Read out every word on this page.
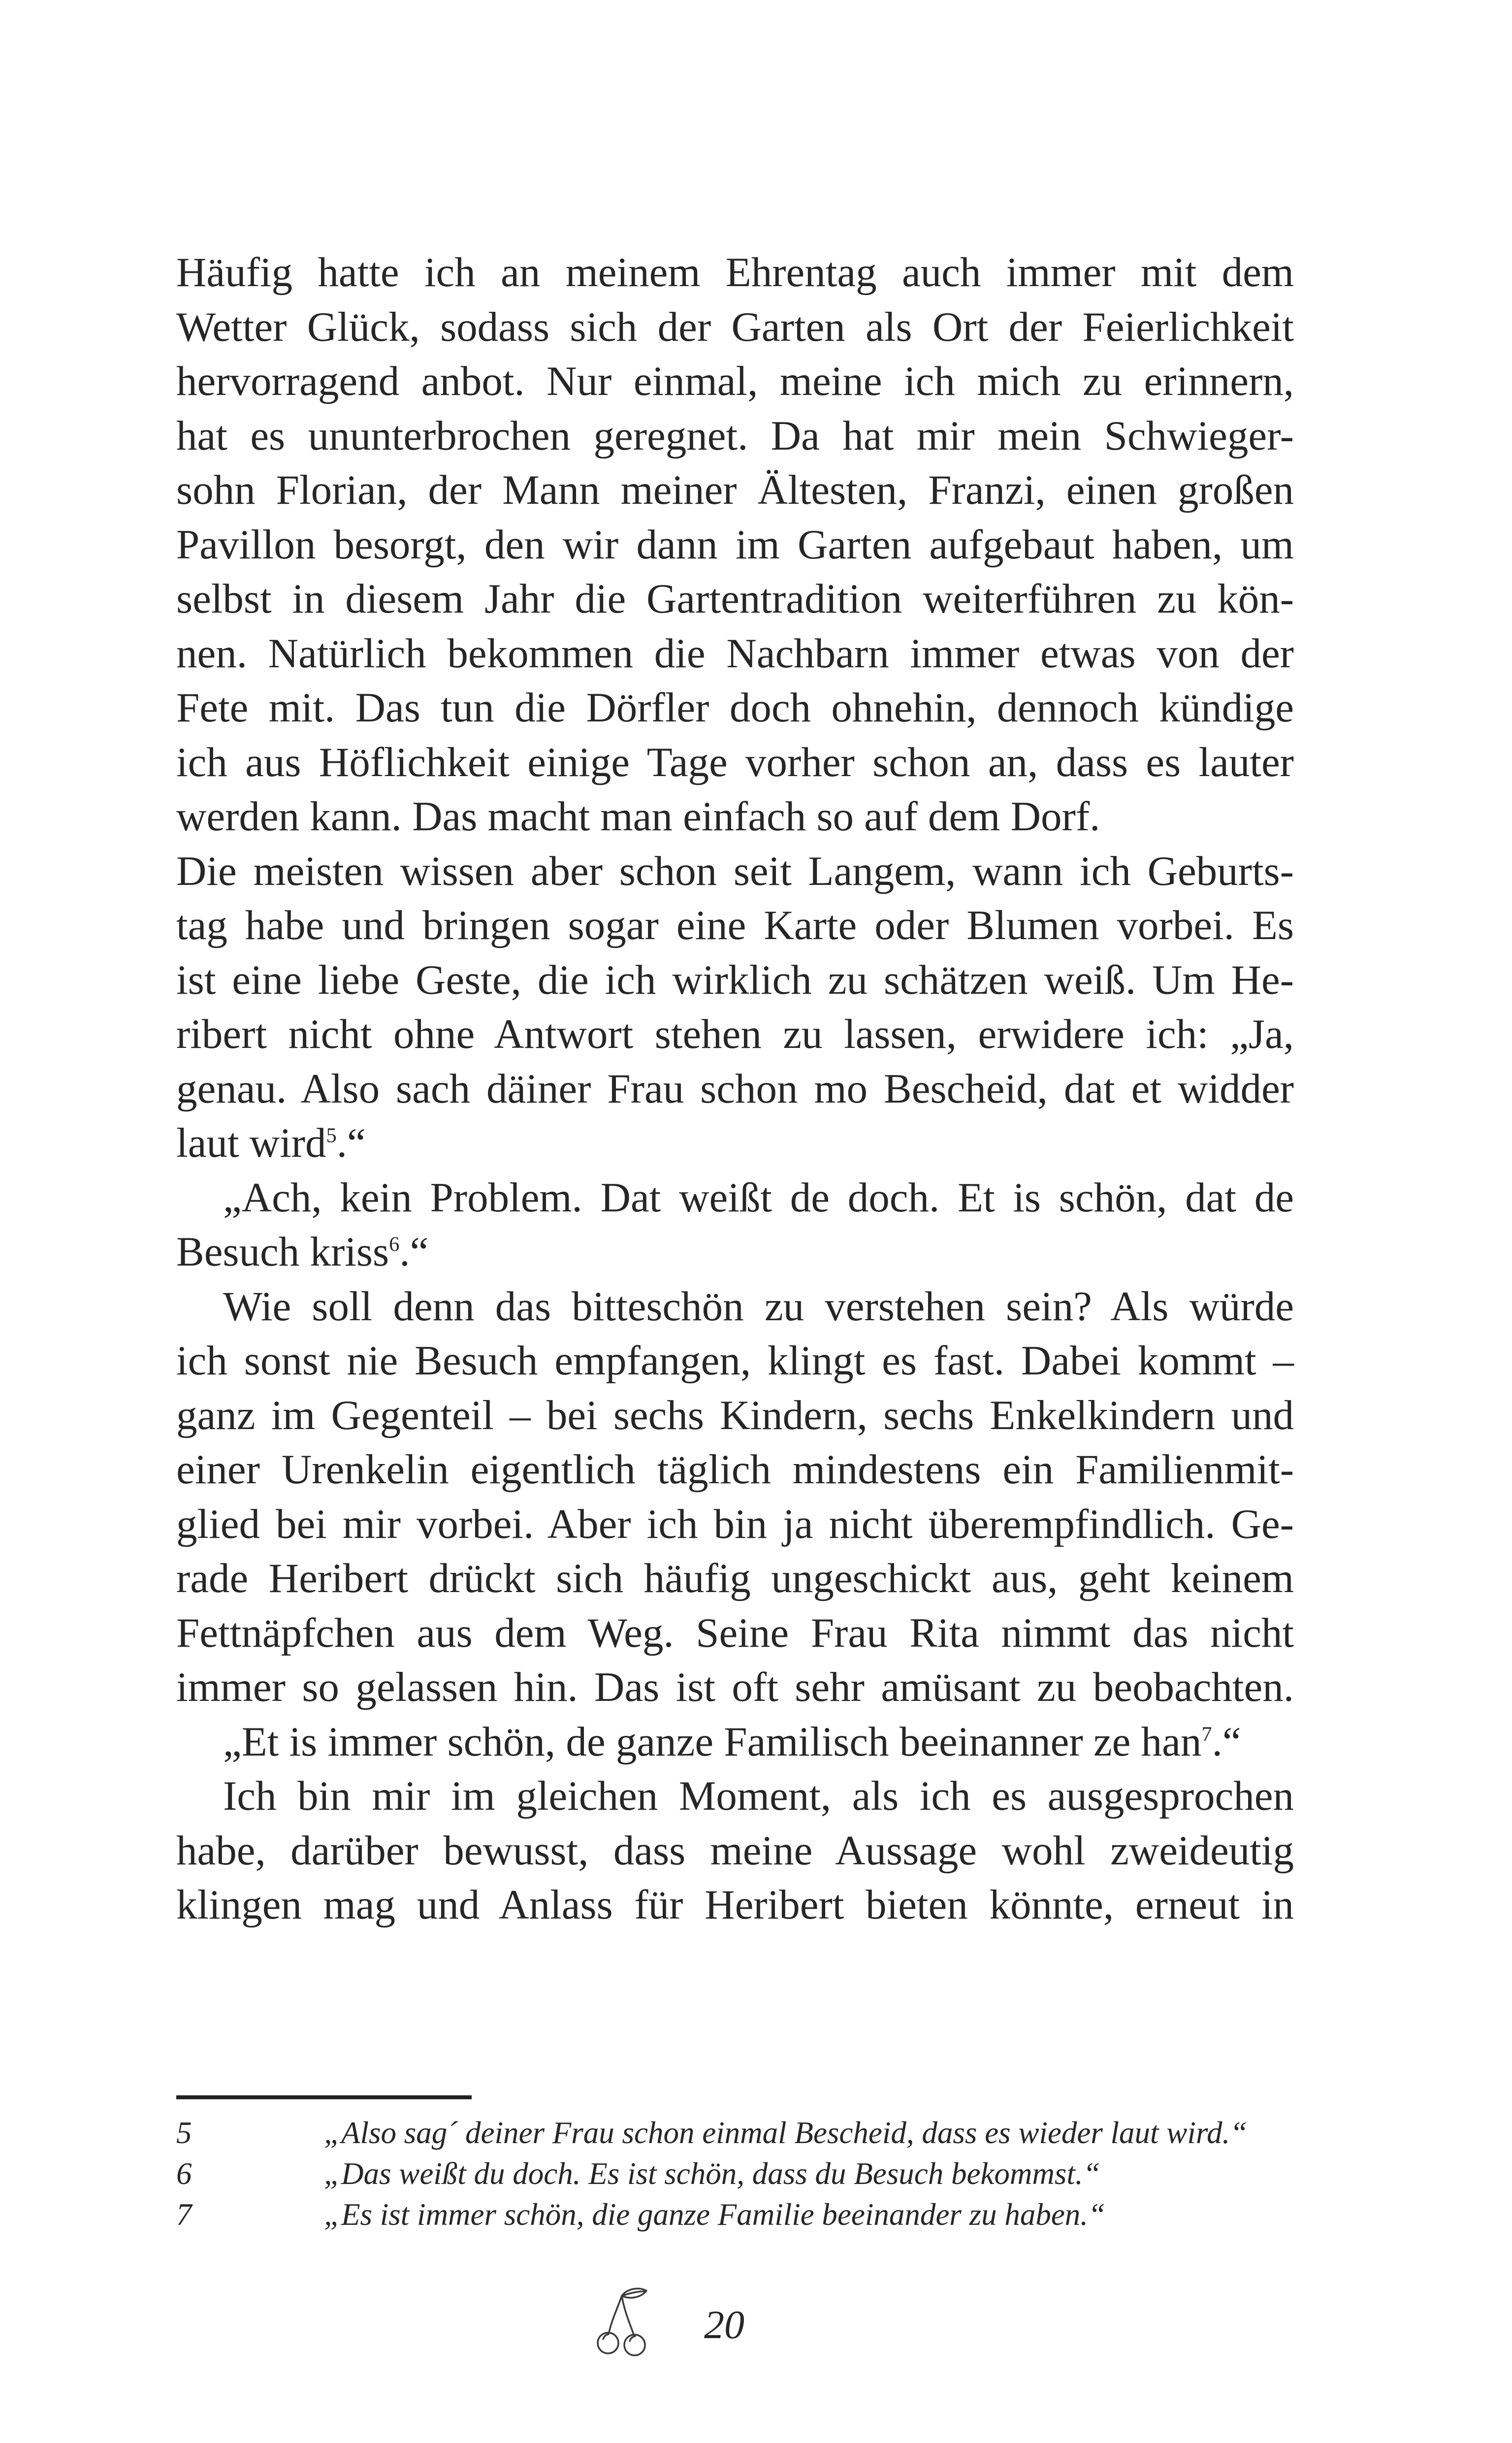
Häufig hatte ich an meinem Ehrentag auch immer mit dem
Wetter Glück, sodass sich der Garten als Ort der Feierlichkeit
hervorragend anbot. Nur einmal, meine ich mich zu erinnern,
hat es ununterbrochen geregnet. Da hat mir mein Schwieger-
sohn Florian, der Mann meiner Ältesten, Franzi, einen großen
Pavillon besorgt, den wir dann im Garten aufgebaut haben, um
selbst in diesem Jahr die Gartentradition weiterführen zu kön-
nen. Natürlich bekommen die Nachbarn immer etwas von der
Fete mit. Das tun die Dörfler doch ohnehin, dennoch kündige
ich aus Höflichkeit einige Tage vorher schon an, dass es lauter
werden kann. Das macht man einfach so auf dem Dorf.
Die meisten wissen aber schon seit Langem, wann ich Geburts-
tag habe und bringen sogar eine Karte oder Blumen vorbei. Es
ist eine liebe Geste, die ich wirklich zu schätzen weiß. Um He-
ribert nicht ohne Antwort stehen zu lassen, erwidere ich: „Ja,
genau. Also sach däiner Frau schon mo Bescheid, dat et widder
laut wird$^5$.“
„Ach, kein Problem. Dat weißt de doch. Et is schön, dat de
Besuch kriss$^6$.“
Wie soll denn das bitteschön zu verstehen sein? Als würde
ich sonst nie Besuch empfangen, klingt es fast. Dabei kommt –
ganz im Gegenteil – bei sechs Kindern, sechs Enkelkindern und
einer Urenkelin eigentlich täglich mindestens ein Familienmit-
glied bei mir vorbei. Aber ich bin ja nicht überempfindlich. Ge-
rade Heribert drückt sich häufig ungeschickt aus, geht keinem
Fettnäpfchen aus dem Weg. Seine Frau Rita nimmt das nicht
immer so gelassen hin. Das ist oft sehr amüsant zu beobachten.
„Et is immer schön, de ganze Familisch beeinanner ze han$^7$.“
Ich bin mir im gleichen Moment, als ich es ausgesprochen
habe, darüber bewusst, dass meine Aussage wohl zweideutig
klingen mag und Anlass für Heribert bieten könnte, erneut in
5	„Also sag´ deiner Frau schon einmal Bescheid, dass es wieder laut wird.“
6	„Das weißt du doch. Es ist schön, dass du Besuch bekommst.“
7	„Es ist immer schön, die ganze Familie beeinander zu haben.“
20
